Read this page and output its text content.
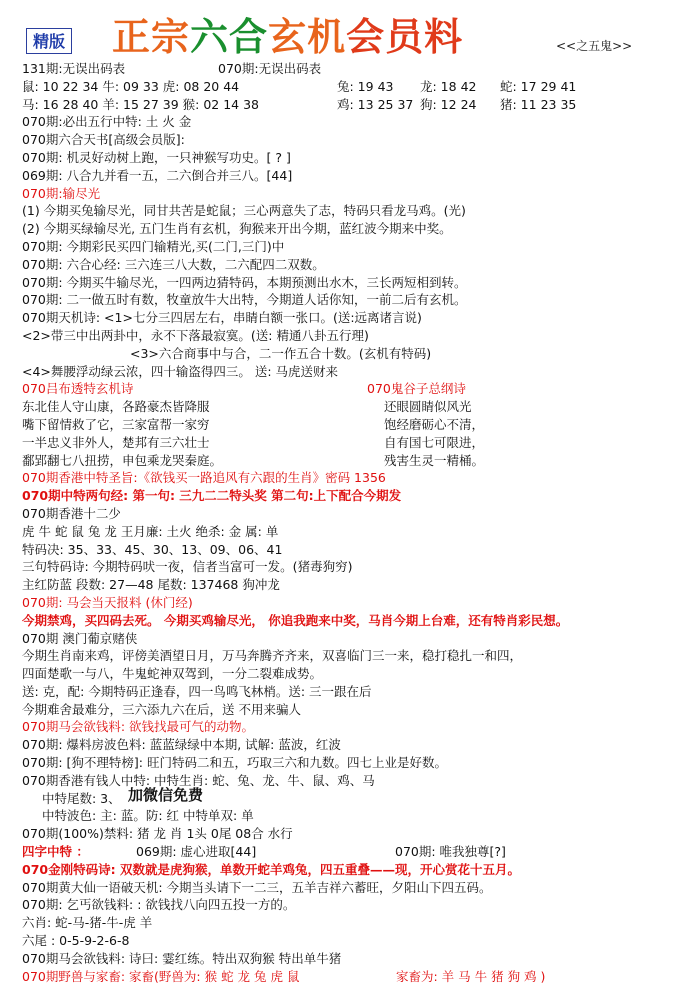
精版 正宗六合玄机会员料	<<之五鬼>>
131期:无误出码表	070期:无误出码表
鼠: 10 22 34 牛: 09 33 虎: 08 20 44	兔: 19 43 龙: 18 42 蛇: 17 29 41
马: 16 28 40 羊: 15 27 39 猴: 02 14 38	鸡: 13 25 37 狗: 12 24 猪: 11 23 35
070期:必出五行中特: 土 火 金
070期六合天书[高级会员版]:
070期: 机灵好动树上跑，一只神猴写功史。[ ? ]
069期: 八合九并看一五，二六倒合并三八。[44]
070期:输尽光
(1) 今期买兔输尽光，同甘共苦是蛇鼠；三心两意失了志，特码只看龙马鸡。(光)
(2) 今期买绿输尽光, 五门生肖有玄机，狗猴来开出今期，蓝红波今期来中奖。
070期: 今期彩民买四门输精光,买(二门,三门)中
070期: 六合心经: 三六连三八大数，二六配四二双数。
070期: 今期买牛输尽光，一四两边猜特码，本期预测出水木，三长两短相到转。
070期: 二一做五时有数，牧童放牛大出特，今期道人话你知，一前二后有玄机。
070期天机诗: <1>七分三四居左右，串睛白额一张口。(送:远离诸言说)
<2>带三中出两卦中，永不下落最寂寞。(送: 精通八卦五行理)
<3>六合商事中与合，二一作五合十数。(玄机有特码)
<4>舞腰浮动绿云浓，四十输盗得四三。 送: 马虎送财来
070吕布透特玄机诗	070鬼谷子总纲诗
东北佳人守山康，各路豪杰皆降服	还眼圆睛似风光
嘴下留情救了它，三家富帮一家穷	饱经磨砺心不清，
一半忠义非外人，楚邦有三六壮士	自有国七可限进，
鄱郢翻七八扭捞，申包乘龙哭秦庭。	残害生灵一精桶。
070期香港中特圣旨:《欲钱买一路追风有六跟的生肖》密码 1356
070期中特两句经: 第一句: 三九二二特头奖 第二句:上下配合今期发
070期香港十二少
虎 牛 蛇 鼠 兔 龙 王月廉: 土火 绝杀: 金 属: 单
特码决: 35、33、45、30、13、09、06、41
三句特码诗: 今期特码吠一夜，信者当富可一发。(猪毒狗穷)
主红防蓝 段数: 27—48 尾数: 137468 狗冲龙
070期: 马会当天报料 (休门经)
今期禁鸡，买四码去死。 今期买鸡输尽光， 你追我跑来中奖，马肖今期上台难，还有特肖彩民想。
070期 澳门葡京赌侠
今期生肖南来鸡，评傍美酒望日月，万马奔腾齐齐来，双喜临门三一来，稳打稳扎一和四，
四面楚歌一与八，牛鬼蛇神双驾到，一分二裂难成势。
送: 克，配: 今期特码正逢春，四一鸟鸣飞林梢。送: 三一跟在后
今期难舍最难分，三六添九六在后，送 不用来骗人
070期马会欲钱料: 欲钱找最可气的动物。
070期: 爆料房波色料: 蓝蓝绿绿中本期, 试解: 蓝波，红波
070期: [狗不理特榜]: 旺门特码二和五，巧取三六和九数。四七上业是好数。
070期香港有钱人中特: 中特生肖: 蛇、兔、龙、牛、鼠、鸡、马
中特尾数: 3、
中特波色: 主: 蓝。防: 红 中特单双: 单
070期(100%)禁料: 猪 龙 肖 1头 0尾 08合 水行
四字中特 ：	069期: 虚心进取[44]	070期: 唯我独尊[?]
070金刚特码诗: 双数就是虎狗猴，单数开蛇羊鸡兔，四五重叠——现，开心赏花十五月。
070期黄大仙一语破天机: 今期当头请下一二三，五羊吉祥六蓄旺，夕阳山下四五码。
070期: 乞丐欲钱料: : 欲钱找八向四五投一方的。
六肖: 蛇-马-猪-牛-虎 羊
六尾 : 0-5-9-2-6-8
070期马会欲钱料: 诗曰: 霎红练。特出双狗猴 特出单牛猪
070期野兽与家畜: 家畜(野兽为: 猴 蛇 龙 兔 虎 鼠	家畜为: 羊 马 牛 猪 狗 鸡 )
加微信免费
